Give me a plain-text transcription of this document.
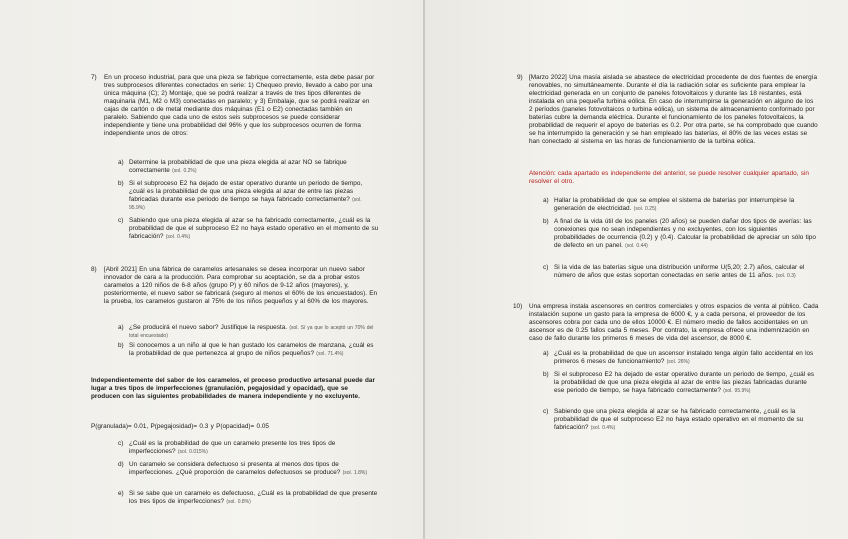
7) En un proceso industrial, para que una pieza se fabrique correctamente, esta debe pasar por tres subprocesos diferentes conectados en serie: 1) Chequeo previo, llevado a cabo por una única máquina (C); 2) Montaje, que se podrá realizar a través de tres tipos diferentes de maquinaria (M1, M2 o M3) conectadas en paralelo; y 3) Embalaje, que se podrá realizar en cajas de cartón o de metal mediante dos máquinas (E1 o E2) conectadas también en paralelo. Sabiendo que cada uno de estos seis subprocesos se puede considerar independiente y tiene una probabilidad del 96% y que los subprocesos ocurren de forma independiente unos de otros:
a) Determine la probabilidad de que una pieza elegida al azar NO se fabrique correctamente (sol. 0.2%)
b) Si el subproceso E2 ha dejado de estar operativo durante un periodo de tiempo, ¿cuál es la probabilidad de que una pieza elegida al azar de entre las piezas fabricadas durante ese periodo de tiempo se haya fabricado correctamente? (sol. 95.9%)
c) Sabiendo que una pieza elegida al azar se ha fabricado correctamente, ¿cuál es la probabilidad de que el subproceso E2 no haya estado operativo en el momento de su fabricación? (sol. 0.4%)
8) [Abril 2021] En una fábrica de caramelos artesanales se desea incorporar un nuevo sabor innovador de cara a la producción. Para comprobar su aceptación, se da a probar estos caramelos a 120 niños de 6-8 años (grupo P) y 60 niños de 9-12 años (mayores), y, posteriormente, el nuevo sabor se fabricará (seguro al menos el 60% de los encuestados). En la prueba, los caramelos gustaron al 75% de los niños pequeños y al 60% de los mayores.
a) ¿Se producirá el nuevo sabor? Justifique la respuesta. (sol. Sí ya que lo aceptó un 70% del total encuestado)
b) Si conocemos a un niño al que le han gustado los caramelos de manzana, ¿cuál es la probabilidad de que pertenezca al grupo de niños pequeños? (sol. 71.4%)
Independientemente del sabor de los caramelos, el proceso productivo artesanal puede dar lugar a tres tipos de imperfecciones (granulación, pegajosidad y opacidad), que se producen con las siguientes probabilidades de manera independiente y no excluyente.
P(granulada)= 0.01, P(pegajosidad)= 0.3 y P(opacidad)= 0.05
c) ¿Cuál es la probabilidad de que un caramelo presente los tres tipos de imperfecciones? (sol. 0.015%)
d) Un caramelo se considera defectuoso si presenta al menos dos tipos de imperfecciones. ¿Qué proporción de caramelos defectuosos se produce? (sol. 1.8%)
e) Si se sabe que un caramelo es defectuoso, ¿Cuál es la probabilidad de que presente los tres tipos de imperfecciones? (sol. 0.8%)
9) [Marzo 2022] Una masía aislada se abastece de electricidad procedente de dos fuentes de energía renovables, no simultáneamente. Durante el día la radiación solar es suficiente para emplear la electricidad generada en un conjunto de paneles fotovoltaicos y durante las 18 restantes, está instalada en una pequeña turbina eólica. En caso de interrumpirse la generación en alguno de los 2 períodos (paneles fotovoltaicos o turbina eólica), un sistema de almacenamiento conformado por baterías cubre la demanda eléctrica. Durante el funcionamiento de los paneles fotovoltaicos, la probabilidad de requerir el apoyo de baterías es 0.2. Por otra parte, se ha comprobado que cuando se ha interrumpido la generación y se han empleado las baterías, el 80% de las veces estas se han conectado al sistema en las horas de funcionamiento de la turbina eólica.
Atención: cada apartado es independiente del anterior, se puede resolver cualquier apartado, sin resolver el otro.
a) Hallar la probabilidad de que se emplee el sistema de baterías por interrumpirse la generación de electricidad. (sol. 0.25)
b) A final de la vida útil de los paneles (20 años) se pueden dañar dos tipos de averías: las conexiones que no sean independientes y no excluyentes, con los siguientes probabilidades de ocurrencia (0.2) y (0.4). Calcular la probabilidad de apreciar un sólo tipo de defecto en un panel. (sol. 0.44)
c) Si la vida de las baterías sigue una distribución uniforme U(5,20; 2.7) años, calcular el número de años que estas soportan conectadas en serie antes de 11 años. (sol. 0.3)
10) Una empresa instala ascensores en centros comerciales y otros espacios de venta al público. Cada instalación supone un gasto para la empresa de 6000 €, y a cada persona, el proveedor de los ascensores cobra por cada uno de ellos 10000 €. El número medio de fallos accidentales en un ascensor es de 0.25 fallos cada 5 meses. Por contrato, la empresa ofrece una indemnización en caso de fallo durante los primeros 6 meses de vida del ascensor, de 8000 €.
a) ¿Cuál es la probabilidad de que un ascensor instalado tenga algún fallo accidental en los primeros 6 meses de funcionamiento? (sol. 26%)
b) Si el subproceso E2 ha dejado de estar operativo durante un periodo de tiempo, ¿cuál es la probabilidad de que una pieza elegida al azar de entre las piezas fabricadas durante ese periodo de tiempo, se haya fabricado correctamente? (sol. 95.9%)
c) Sabiendo que una pieza elegida al azar se ha fabricado correctamente, ¿cuál es la probabilidad de que el subproceso E2 no haya estado operativo en el momento de su fabricación? (sol. 0.4%)
